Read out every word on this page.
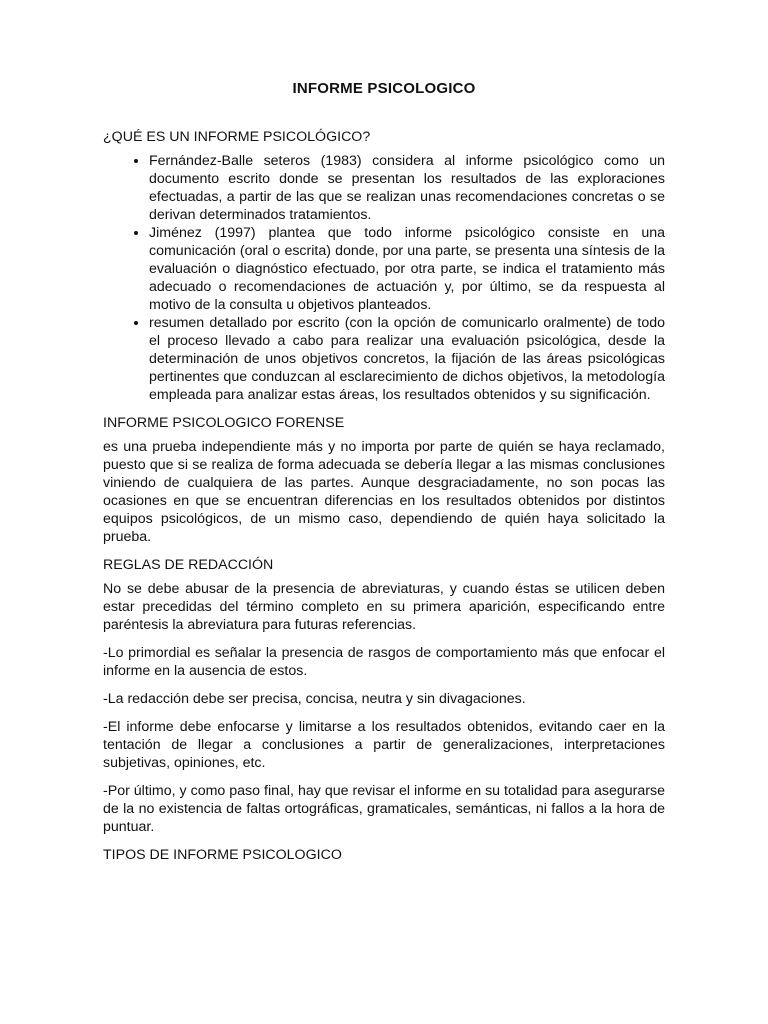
INFORME PSICOLOGICO

¿QUÉ ES UN INFORME PSICOLÓGICO?

• Fernández-Balle seteros (1983) considera al informe psicológico como un documento escrito donde se presentan los resultados de las exploraciones efectuadas, a partir de las que se realizan unas recomendaciones concretas o se derivan determinados tratamientos.
• Jiménez (1997) plantea que todo informe psicológico consiste en una comunicación (oral o escrita) donde, por una parte, se presenta una síntesis de la evaluación o diagnóstico efectuado, por otra parte, se indica el tratamiento más adecuado o recomendaciones de actuación y, por último, se da respuesta al motivo de la consulta u objetivos planteados.
• resumen detallado por escrito (con la opción de comunicarlo oralmente) de todo el proceso llevado a cabo para realizar una evaluación psicológica, desde la determinación de unos objetivos concretos, la fijación de las áreas psicológicas pertinentes que conduzcan al esclarecimiento de dichos objetivos, la metodología empleada para analizar estas áreas, los resultados obtenidos y su significación.

INFORME PSICOLOGICO FORENSE

es una prueba independiente más y no importa por parte de quién se haya reclamado, puesto que si se realiza de forma adecuada se debería llegar a las mismas conclusiones viniendo de cualquiera de las partes. Aunque desgraciadamente, no son pocas las ocasiones en que se encuentran diferencias en los resultados obtenidos por distintos equipos psicológicos, de un mismo caso, dependiendo de quién haya solicitado la prueba.

REGLAS DE REDACCIÓN

No se debe abusar de la presencia de abreviaturas, y cuando éstas se utilicen deben estar precedidas del término completo en su primera aparición, especificando entre paréntesis la abreviatura para futuras referencias.

-Lo primordial es señalar la presencia de rasgos de comportamiento más que enfocar el informe en la ausencia de estos.

-La redacción debe ser precisa, concisa, neutra y sin divagaciones.

-El informe debe enfocarse y limitarse a los resultados obtenidos, evitando caer en la tentación de llegar a conclusiones a partir de generalizaciones, interpretaciones subjetivas, opiniones, etc.

-Por último, y como paso final, hay que revisar el informe en su totalidad para asegurarse de la no existencia de faltas ortográficas, gramaticales, semánticas, ni fallos a la hora de puntuar.

TIPOS DE INFORME PSICOLOGICO
